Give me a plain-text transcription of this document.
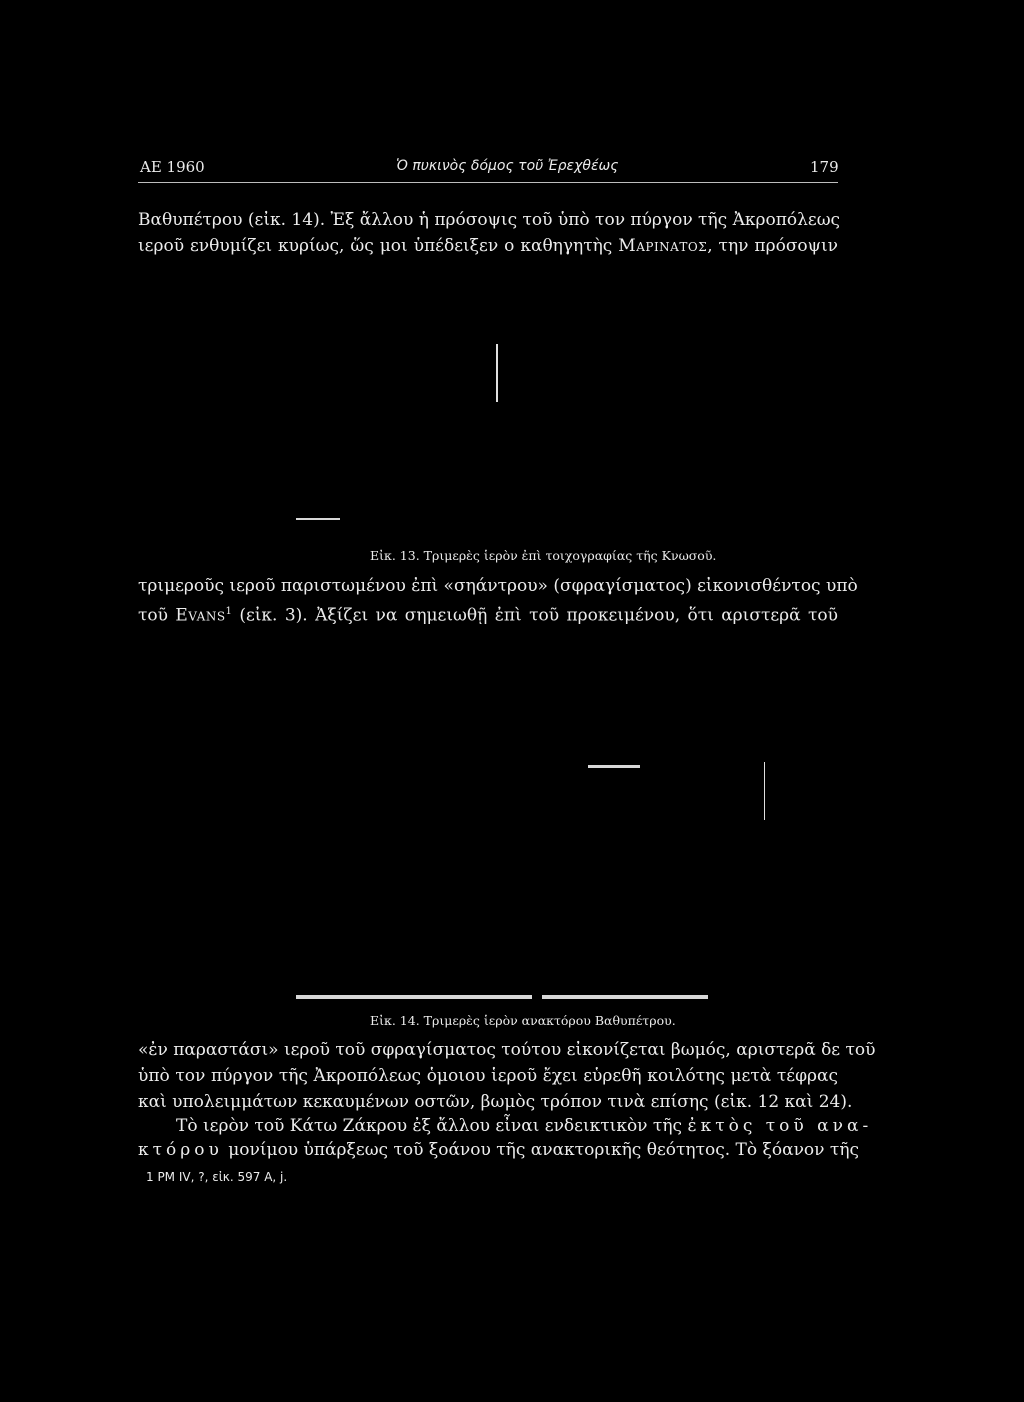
ΑΕ 1960	Ὁ πυκινὸς δόμος τοῦ Ἐρεχθέως	179
Βαθυπέτρου (εἰκ. 14). Ἐξ ἄλλου ἡ πρόσοψις τοῦ ὑπὸ τον πύργον τῆς Ἀκροπόλεως
ιεροῦ ενθυμίζει κυρίως, ὥς μοι ὑπέδειξεν ο καθηγητὴς Μαρινατος, την πρόσοψιν
Εἰκ. 13. Τριμερὲς ἱερὸν ἐπὶ τοιχογραφίας τῆς Κνωσοῦ.
τριμεροῦς ιεροῦ παριστωμένου ἐπὶ «σηάντρου» (σφραγίσματος) εἰκονισθέντος υπὸ
τοῦ Evans$^1$ (εἰκ. 3). Ἀξίζει να σημειωθῇ ἐπὶ τοῦ προκειμένου, ὅτι αριστερᾶ τοῦ
Εἰκ. 14. Τριμερὲς ἱερὸν ανακτόρου Βαθυπέτρου.
«ἐν παραστάσι» ιεροῦ τοῦ σφραγίσματος τούτου εἰκονίζεται βωμός, αριστερᾶ δε τοῦ
ὑπὸ τον πύργον τῆς Ἀκροπόλεως ὁμοιου ἱεροῦ ἔχει εὑρεθῆ κοιλότης μετὰ τέφρας
καὶ υπολειμμάτων κεκαυμένων οστῶν, βωμὸς τρόπον τινὰ επίσης (εἰκ. 12 καὶ 24).
Τὸ ιερὸν τοῦ Κάτω Ζάκρου ἐξ ἄλλου εἶναι ενδεικτικὸν τῆς ἐκτὸς τοῦ ανα-
κτόρου μονίμου ὑπάρξεως τοῦ ξοάνου τῆς ανακτορικῆς θεότητος. Τὸ ξόανον τῆς
1 PM IV, ?, εἰκ. 597 A, j.
